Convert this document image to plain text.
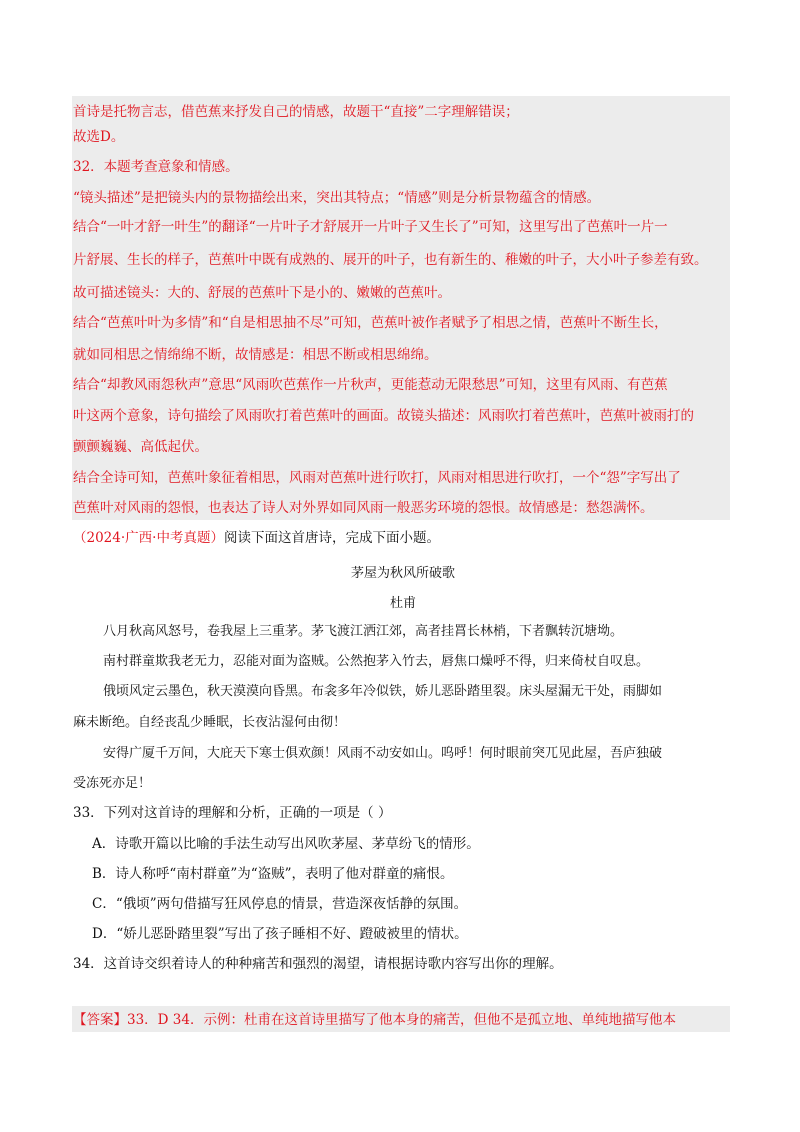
首诗是托物言志，借芭蕉来抒发自己的情感，故题干“直接”二字理解错误；

故选D。

32．本题考查意象和情感。

“镜头描述”是把镜头内的景物描绘出来，突出其特点；“情感”则是分析景物蕴含的情感。

结合“一叶才舒一叶生”的翻译“一片叶子才舒展开一片叶子又生长了”可知，这里写出了芭蕉叶一片一

片舒展、生长的样子，芭蕉叶中既有成熟的、展开的叶子，也有新生的、稚嫩的叶子，大小叶子参差有致。

故可描述镜头：大的、舒展的芭蕉叶下是小的、嫩嫩的芭蕉叶。

结合“芭蕉叶叶为多情”和“自是相思抽不尽”可知，芭蕉叶被作者赋予了相思之情，芭蕉叶不断生长，

就如同相思之情绵绵不断，故情感是：相思不断或相思绵绵。

结合“却教风雨怨秋声”意思“风雨吹芭蕉作一片秋声，更能惹动无限愁思”可知，这里有风雨、有芭蕉

叶这两个意象，诗句描绘了风雨吹打着芭蕉叶的画面。故镜头描述：风雨吹打着芭蕉叶，芭蕉叶被雨打的

颤颤巍巍、高低起伏。

结合全诗可知，芭蕉叶象征着相思，风雨对芭蕉叶进行吹打，风雨对相思进行吹打，一个“怨”字写出了

芭蕉叶对风雨的怨恨，也表达了诗人对外界如同风雨一般恶劣环境的怨恨。故情感是：愁怨满怀。

（2024·广西·中考真题）阅读下面这首唐诗，完成下面小题。

茅屋为秋风所破歌

杜甫

八月秋高风怒号，卷我屋上三重茅。茅飞渡江洒江郊，高者挂罥长林梢，下者飘转沉塘坳。

南村群童欺我老无力，忍能对面为盗贼。公然抱茅入竹去，唇焦口燥呼不得，归来倚杖自叹息。

俄顷风定云墨色，秋天漠漠向昏黑。布衾多年冷似铁，娇儿恶卧踏里裂。床头屋漏无干处，雨脚如

麻未断绝。自经丧乱少睡眠，长夜沾湿何由彻！

安得广厦千万间，大庇天下寒士俱欢颜！风雨不动安如山。呜呼！何时眼前突兀见此屋，吾庐独破

受冻死亦足！

33．下列对这首诗的理解和分析，正确的一项是（ ）

A．诗歌开篇以比喻的手法生动写出风吹茅屋、茅草纷飞的情形。

B．诗人称呼“南村群童”为“盗贼”，表明了他对群童的痛恨。

C．“俄顷”两句借描写狂风停息的情景，营造深夜恬静的氛围。

D．“娇儿恶卧踏里裂”写出了孩子睡相不好、蹬破被里的情状。

34．这首诗交织着诗人的种种痛苦和强烈的渴望，请根据诗歌内容写出你的理解。

【答案】33．D 34．示例：杜甫在这首诗里描写了他本身的痛苦，但他不是孤立地、单纯地描写他本
